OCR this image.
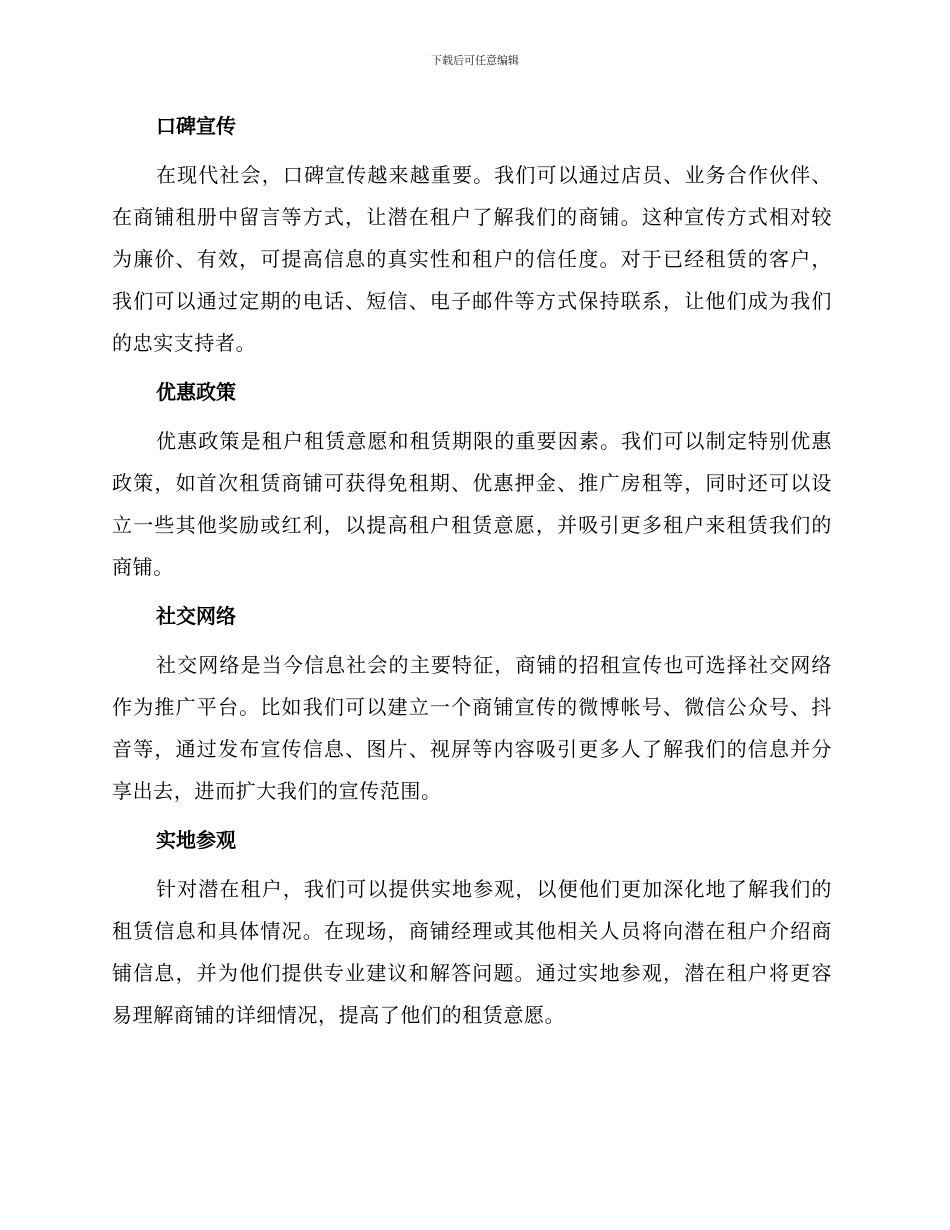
下载后可任意编辑
口碑宣传

在现代社会，口碑宣传越来越重要。我们可以通过店员、业务合作伙伴、在商铺租册中留言等方式，让潜在租户了解我们的商铺。这种宣传方式相对较为廉价、有效，可提高信息的真实性和租户的信任度。对于已经租赁的客户，我们可以通过定期的电话、短信、电子邮件等方式保持联系，让他们成为我们的忠实支持者。

优惠政策

优惠政策是租户租赁意愿和租赁期限的重要因素。我们可以制定特别优惠政策，如首次租赁商铺可获得免租期、优惠押金、推广房租等，同时还可以设立一些其他奖励或红利，以提高租户租赁意愿，并吸引更多租户来租赁我们的商铺。

社交网络

社交网络是当今信息社会的主要特征，商铺的招租宣传也可选择社交网络作为推广平台。比如我们可以建立一个商铺宣传的微博帐号、微信公众号、抖音等，通过发布宣传信息、图片、视屏等内容吸引更多人了解我们的信息并分享出去，进而扩大我们的宣传范围。

实地参观

针对潜在租户，我们可以提供实地参观，以便他们更加深化地了解我们的租赁信息和具体情况。在现场，商铺经理或其他相关人员将向潜在租户介绍商铺信息，并为他们提供专业建议和解答问题。通过实地参观，潜在租户将更容易理解商铺的详细情况，提高了他们的租赁意愿。
